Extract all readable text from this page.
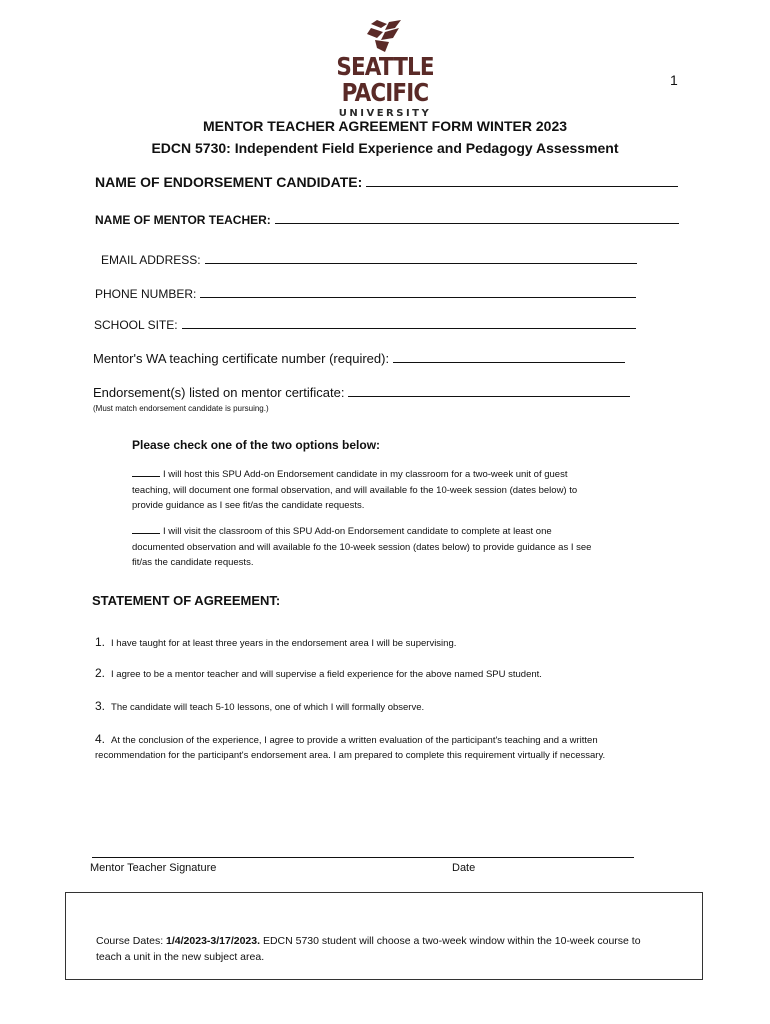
SEATTLE PACIFIC
UNIVERSITY
1
MENTOR TEACHER AGREEMENT FORM WINTER 2023
EDCN 5730: Independent Field Experience and Pedagogy Assessment
NAME OF ENDORSEMENT CANDIDATE:
NAME OF MENTOR TEACHER:
EMAIL ADDRESS:
PHONE NUMBER:
SCHOOL SITE:
Mentor's WA teaching certificate number (required):
Endorsement(s) listed on mentor certificate:
(Must match endorsement candidate is pursuing.)
Please check one of the two options below:
I will host this SPU Add-on Endorsement candidate in my classroom for a two-week unit of guest teaching, will document one formal observation, and will available fo the 10-week session (dates below) to provide guidance as I see fit/as the candidate requests.
I will visit the classroom of this SPU Add-on Endorsement candidate to complete at least one documented observation and will available fo the 10-week session (dates below) to provide guidance as I see fit/as the candidate requests.
STATEMENT OF AGREEMENT:
1. I have taught for at least three years in the endorsement area I will be supervising.
2. I agree to be a mentor teacher and will supervise a field experience for the above named SPU student.
3. The candidate will teach 5-10 lessons, one of which I will formally observe.
4. At the conclusion of the experience, I agree to provide a written evaluation of the participant's teaching and a written recommendation for the participant's endorsement area. I am prepared to complete this requirement virtually if necessary.
Mentor Teacher Signature	Date
Course Dates: 1/4/2023-3/17/2023. EDCN 5730 student will choose a two-week window within the 10-week course to teach a unit in the new subject area.
